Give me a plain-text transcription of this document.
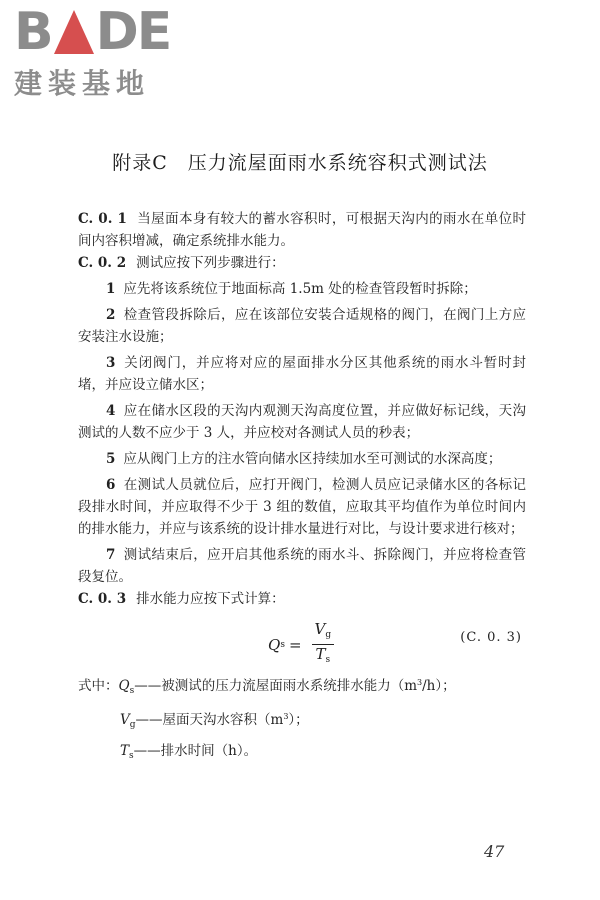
B DE
建装基地
附录C　压力流屋面雨水系统容积式测试法

C. 0. 1 当屋面本身有较大的蓄水容积时，可根据天沟内的雨水在单位时间内容积增减，确定系统排水能力。

C. 0. 2 测试应按下列步骤进行：

1 应先将该系统位于地面标高 1.5m 处的检查管段暂时拆除；

2 检查管段拆除后，应在该部位安装合适规格的阀门，在阀门上方应安装注水设施；

3 关闭阀门，并应将对应的屋面排水分区其他系统的雨水斗暂时封堵，并应设立储水区；

4 应在储水区段的天沟内观测天沟高度位置，并应做好标记线，天沟测试的人数不应少于 3 人，并应校对各测试人员的秒表；

5 应从阀门上方的注水管向储水区持续加水至可测试的水深高度；

6 在测试人员就位后，应打开阀门，检测人员应记录储水区的各标记段排水时间，并应取得不少于 3 组的数值，应取其平均值作为单位时间内的排水能力，并应与该系统的设计排水量进行对比，与设计要求进行核对；

7 测试结束后，应开启其他系统的雨水斗、拆除阀门，并应将检查管段复位。

C. 0. 3 排水能力应按下式计算：

Q $s = \frac{V_g}{T_s}$	(C. 0. 3)
式中：$Q_s——$被测试的压力流屋面雨水系统排水能力$(m^3/h)$；
$V_g——$屋面天沟水容积$(m^3)$；
$T_s——$排水时间（h）。
47
